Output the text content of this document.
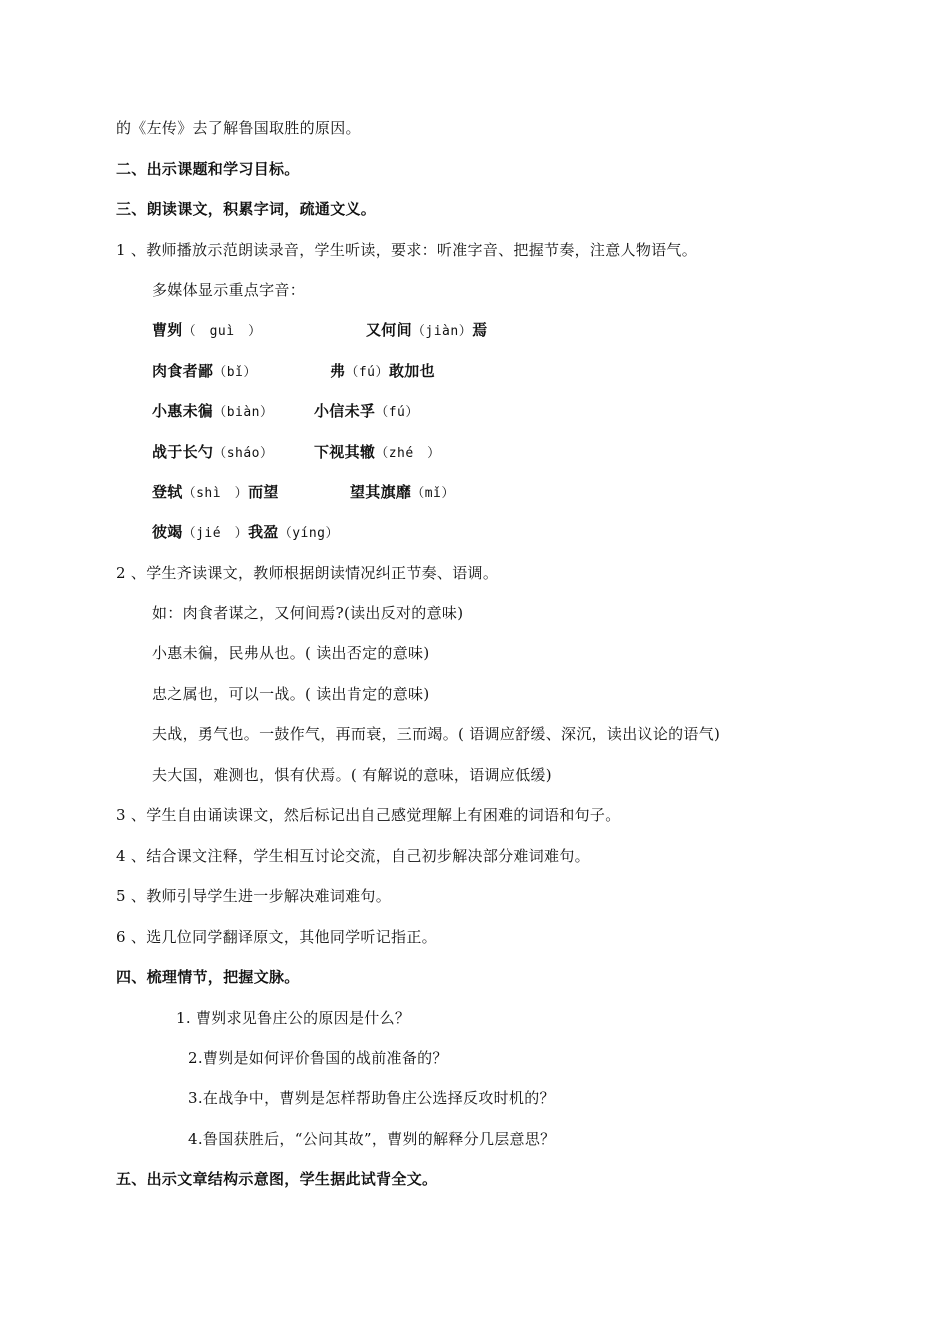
的《左传》去了解鲁国取胜的原因。
二、出示课题和学习目标。
三、朗读课文，积累字词，疏通文义。
1 、教师播放示范朗读录音，学生听读，要求：听准字音、把握节奏，注意人物语气。
多媒体显示重点字音：
曹刿（　guì　）	又何间（jiàn）焉
肉食者鄙（bǐ）	弗（fú）敢加也
小惠未徧（biàn）	小信未孚（fú）
战于长勺（sháo）	下视其辙（zhé　）
登轼（shì　）而望	望其旗靡（mǐ）
彼竭（jié　）我盈（yíng）
2 、学生齐读课文，教师根据朗读情况纠正节奏、语调。
如：肉食者谋之，又何间焉?(读出反对的意味)
小惠未徧，民弗从也。( 读出否定的意味)
忠之属也，可以一战。( 读出肯定的意味)
夫战，勇气也。一鼓作气，再而衰，三而竭。( 语调应舒缓、深沉，读出议论的语气)
夫大国，难测也，惧有伏焉。( 有解说的意味，语调应低缓)
3 、学生自由诵读课文，然后标记出自己感觉理解上有困难的词语和句子。
4 、结合课文注释，学生相互讨论交流，自己初步解决部分难词难句。
5 、教师引导学生进一步解决难词难句。
6 、选几位同学翻译原文，其他同学听记指正。
四、梳理情节，把握文脉。
1. 曹刿求见鲁庄公的原因是什么？
2.曹刿是如何评价鲁国的战前准备的？
3.在战争中，曹刿是怎样帮助鲁庄公选择反攻时机的？
4.鲁国获胜后，“公问其故”，曹刿的解释分几层意思？
五、出示文章结构示意图，学生据此试背全文。
